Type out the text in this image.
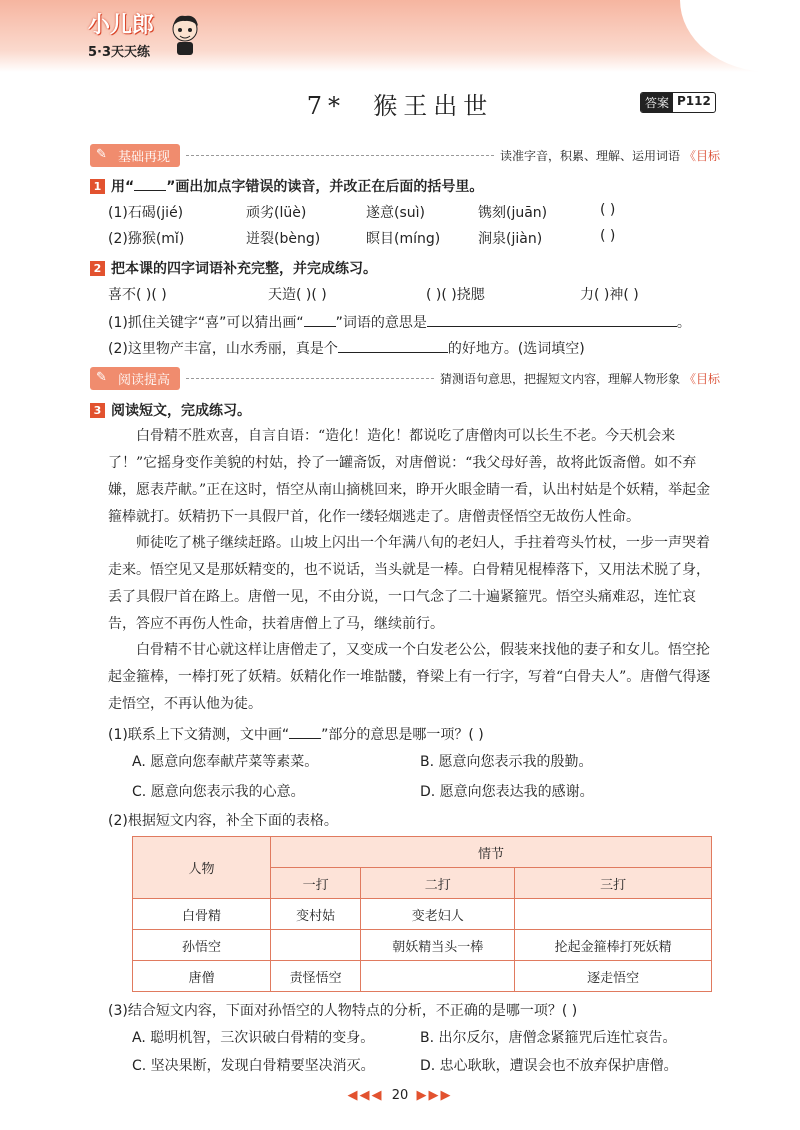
小儿郎
5·3天天练
7* 猴王出世	答案 P112
✎ 基础再现	读准字音，积累、理解、运用词语 《目标
1 用“ ”画出加点字错误的读音，并改正在后面的括号里。
(1)石碣(jié)	顽劣(lüè)	遂意(suì)	镌刻(juān)	( )
(2)猕猴(mǐ)	迸裂(bèng)	瞑目(míng)	涧泉(jiàn)	( )
2 把本课的四字词语补充完整，并完成练习。
喜不( )( )	天造( )( )	( )( )挠腮	力( )神( )
(1)抓住关键字“喜”可以猜出画“ ”词语的意思是	。
(2)这里物产丰富，山水秀丽，真是个	的好地方。(选词填空)
✎ 阅读提高	猜测语句意思，把握短文内容，理解人物形象 《目标
3 阅读短文，完成练习。
白骨精不胜欢喜，自言自语：“造化！造化！都说吃了唐僧肉可以长生不老。今天机会来了！”它摇身变作美貌的村姑，拎了一罐斋饭，对唐僧说：“我父母好善，故将此饭斋僧。如不弃嫌，愿表芹献。”正在这时，悟空从南山摘桃回来，睁开火眼金睛一看，认出村姑是个妖精，举起金箍棒就打。妖精扔下一具假尸首，化作一缕轻烟逃走了。唐僧责怪悟空无故伤人性命。
师徒吃了桃子继续赶路。山坡上闪出一个年满八旬的老妇人，手拄着弯头竹杖，一步一声哭着走来。悟空见又是那妖精变的，也不说话，当头就是一棒。白骨精见棍棒落下，又用法术脱了身，丢了具假尸首在路上。唐僧一见，不由分说，一口气念了二十遍紧箍咒。悟空头痛难忍，连忙哀告，答应不再伤人性命，扶着唐僧上了马，继续前行。
白骨精不甘心就这样让唐僧走了，又变成一个白发老公公，假装来找他的妻子和女儿。悟空抡起金箍棒，一棒打死了妖精。妖精化作一堆骷髅，脊梁上有一行字，写着“白骨夫人”。唐僧气得逐走悟空，不再认他为徒。
(1)联系上下文猜测，文中画“ ”部分的意思是哪一项？( )
A. 愿意向您奉献芹菜等素菜。	B. 愿意向您表示我的殷勤。
C. 愿意向您表示我的心意。	D. 愿意向您表达我的感谢。
(2)根据短文内容，补全下面的表格。
人物	情节		
	一打	二打	三打
白骨精	变村姑	变老妇人	
孙悟空		朝妖精当头一棒	抡起金箍棒打死妖精
唐僧	责怪悟空		逐走悟空
(3)结合短文内容，下面对孙悟空的人物特点的分析，不正确的是哪一项？( )
A. 聪明机智，三次识破白骨精的变身。	B. 出尔反尔，唐僧念紧箍咒后连忙哀告。
C. 坚决果断，发现白骨精要坚决消灭。	D. 忠心耿耿，遭误会也不放弃保护唐僧。
◀◀◀ 20 ▶▶▶
